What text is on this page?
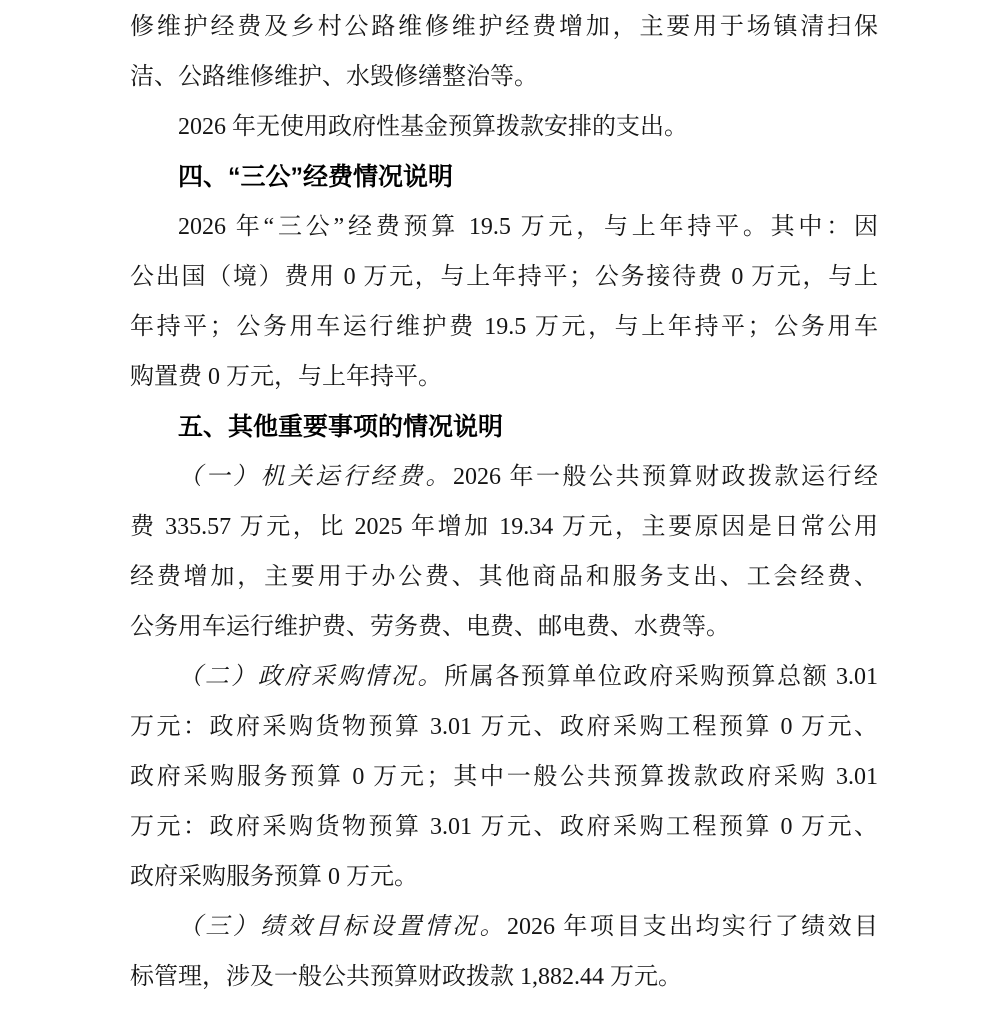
修维护经费及乡村公路维修维护经费增加，主要用于场镇清扫保
洁、公路维修维护、水毁修缮整治等。
2026 年无使用政府性基金预算拨款安排的支出。
四、“三公”经费情况说明
2026 年“三公”经费预算 19.5 万元，与上年持平。其中：因
公出国（境）费用 0 万元，与上年持平；公务接待费 0 万元，与上
年持平；公务用车运行维护费 19.5 万元，与上年持平；公务用车
购置费 0 万元，与上年持平。
五、其他重要事项的情况说明
（一）机关运行经费。2026 年一般公共预算财政拨款运行经
费 335.57 万元，比 2025 年增加 19.34 万元，主要原因是日常公用
经费增加，主要用于办公费、其他商品和服务支出、工会经费、
公务用车运行维护费、劳务费、电费、邮电费、水费等。
（二）政府采购情况。所属各预算单位政府采购预算总额 3.01
万元：政府采购货物预算 3.01 万元、政府采购工程预算 0 万元、
政府采购服务预算 0 万元；其中一般公共预算拨款政府采购 3.01
万元：政府采购货物预算 3.01 万元、政府采购工程预算 0 万元、
政府采购服务预算 0 万元。
（三）绩效目标设置情况。2026 年项目支出均实行了绩效目
标管理，涉及一般公共预算财政拨款 1,882.44 万元。
